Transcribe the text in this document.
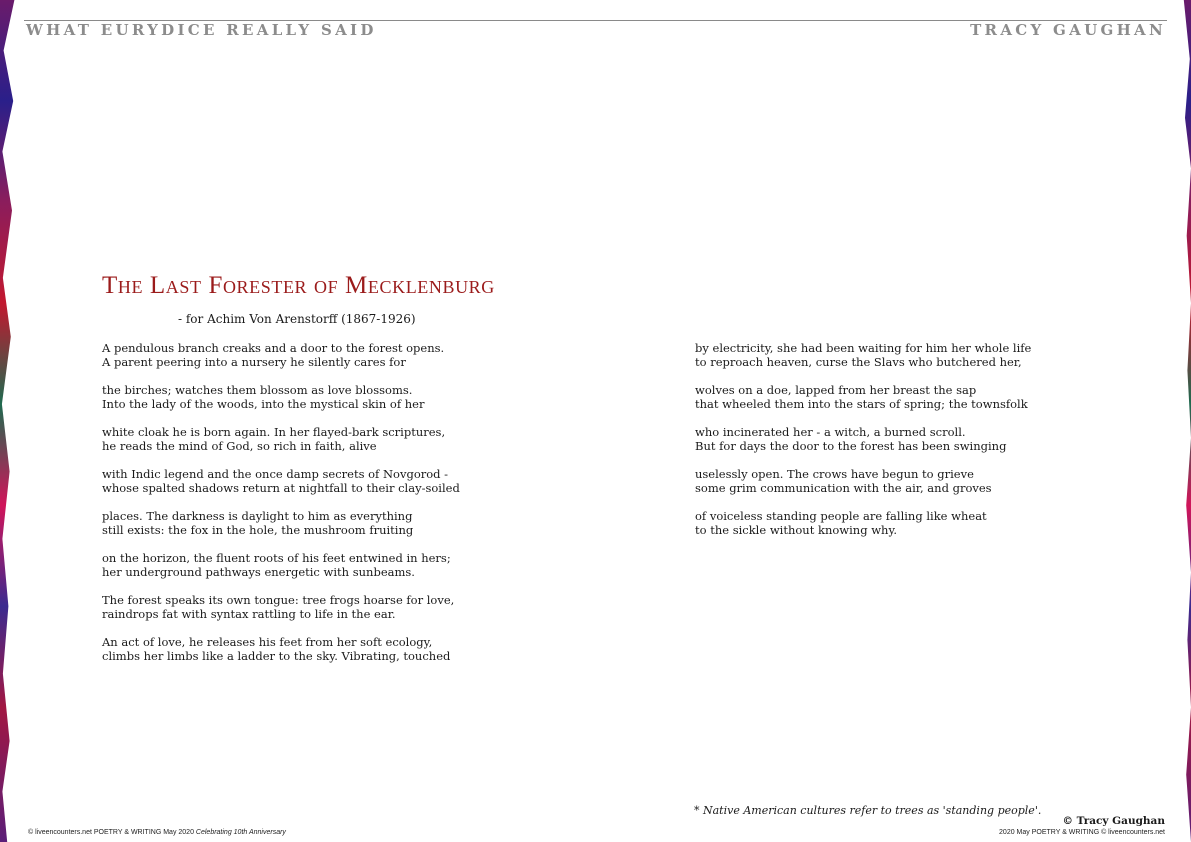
WHAT EURYDICE REALLY SAID	TRACY GAUGHAN
The Last Forester of Mecklenburg
- for Achim Von Arenstorff (1867-1926)
A pendulous branch creaks and a door to the forest opens.
A parent peering into a nursery he silently cares for
the birches; watches them blossom as love blossoms.
Into the lady of the woods, into the mystical skin of her
white cloak he is born again. In her flayed-bark scriptures,
he reads the mind of God, so rich in faith, alive
with Indic legend and the once damp secrets of Novgorod -
whose spalted shadows return at nightfall to their clay-soiled
places. The darkness is daylight to him as everything
still exists: the fox in the hole, the mushroom fruiting
on the horizon, the fluent roots of his feet entwined in hers;
her underground pathways energetic with sunbeams.
The forest speaks its own tongue: tree frogs hoarse for love,
raindrops fat with syntax rattling to life in the ear.
An act of love, he releases his feet from her soft ecology,
climbs her limbs like a ladder to the sky. Vibrating, touched
by electricity, she had been waiting for him her whole life
to reproach heaven, curse the Slavs who butchered her,
wolves on a doe, lapped from her breast the sap
that wheeled them into the stars of spring; the townsfolk
who incinerated her - a witch, a burned scroll.
But for days the door to the forest has been swinging
uselessly open. The crows have begun to grieve
some grim communication with the air, and groves
of voiceless standing people are falling like wheat
to the sickle without knowing why.
* Native American cultures refer to trees as 'standing people'.
© Tracy Gaughan
© liveencounters.net POETRY & WRITING May 2020 Celebrating 10th Anniversary	2020 May POETRY & WRITING © liveencounters.net
